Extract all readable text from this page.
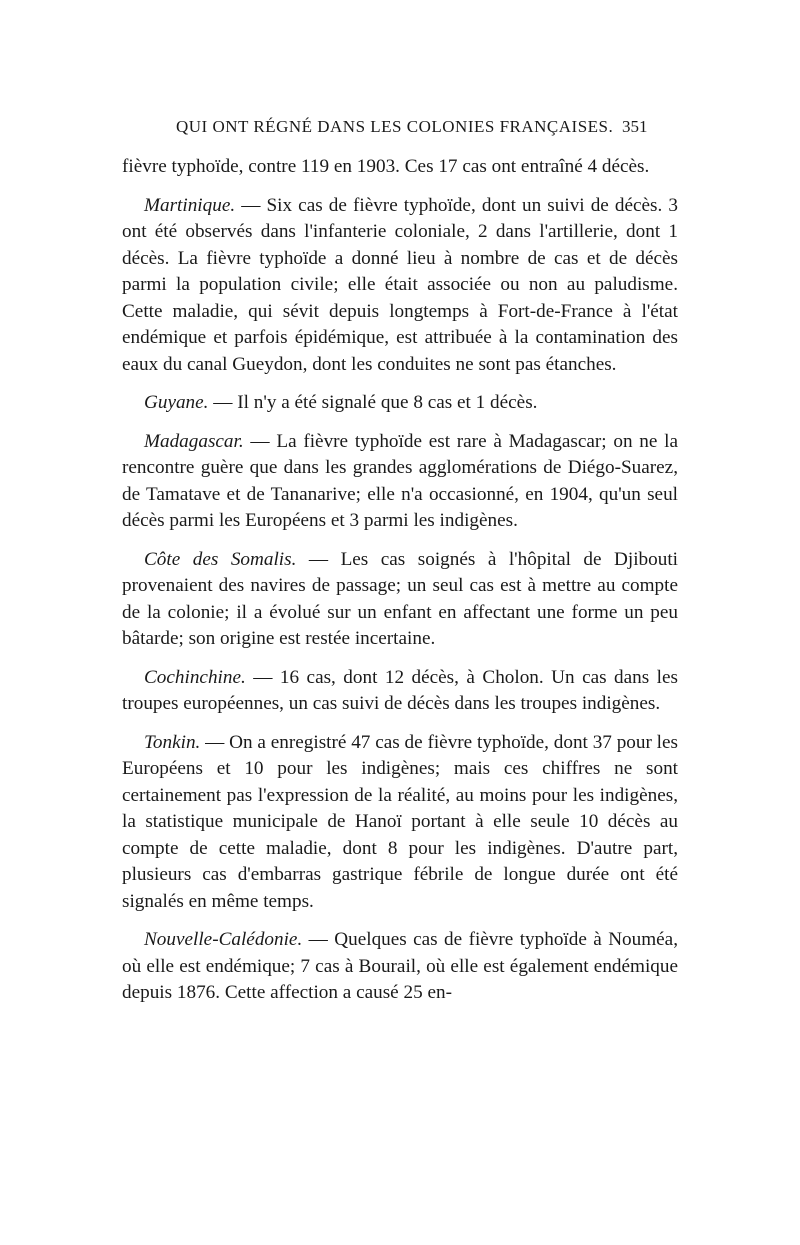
QUI ONT RÉGNÉ DANS LES COLONIES FRANÇAISES. 351

fièvre typhoïde, contre 119 en 1903. Ces 17 cas ont entraîné 4 décès.

Martinique. — Six cas de fièvre typhoïde, dont un suivi de décès. 3 ont été observés dans l'infanterie coloniale, 2 dans l'artillerie, dont 1 décès. La fièvre typhoïde a donné lieu à nombre de cas et de décès parmi la population civile; elle était associée ou non au paludisme. Cette maladie, qui sévit depuis longtemps à Fort-de-France à l'état endémique et parfois épidémique, est attribuée à la contamination des eaux du canal Gueydon, dont les conduites ne sont pas étanches.

Guyane. — Il n'y a été signalé que 8 cas et 1 décès.

Madagascar. — La fièvre typhoïde est rare à Madagascar; on ne la rencontre guère que dans les grandes agglomérations de Diégo-Suarez, de Tamatave et de Tananarive; elle n'a occasionné, en 1904, qu'un seul décès parmi les Européens et 3 parmi les indigènes.

Côte des Somalis. — Les cas soignés à l'hôpital de Djibouti provenaient des navires de passage; un seul cas est à mettre au compte de la colonie; il a évolué sur un enfant en affectant une forme un peu bâtarde; son origine est restée incertaine.

Cochinchine. — 16 cas, dont 12 décès, à Cholon. Un cas dans les troupes européennes, un cas suivi de décès dans les troupes indigènes.

Tonkin. — On a enregistré 47 cas de fièvre typhoïde, dont 37 pour les Européens et 10 pour les indigènes; mais ces chiffres ne sont certainement pas l'expression de la réalité, au moins pour les indigènes, la statistique municipale de Hanoï portant à elle seule 10 décès au compte de cette maladie, dont 8 pour les indigènes. D'autre part, plusieurs cas d'embarras gastrique fébrile de longue durée ont été signalés en même temps.

Nouvelle-Calédonie. — Quelques cas de fièvre typhoïde à Nouméa, où elle est endémique; 7 cas à Bourail, où elle est également endémique depuis 1876. Cette affection a causé 25 en-
